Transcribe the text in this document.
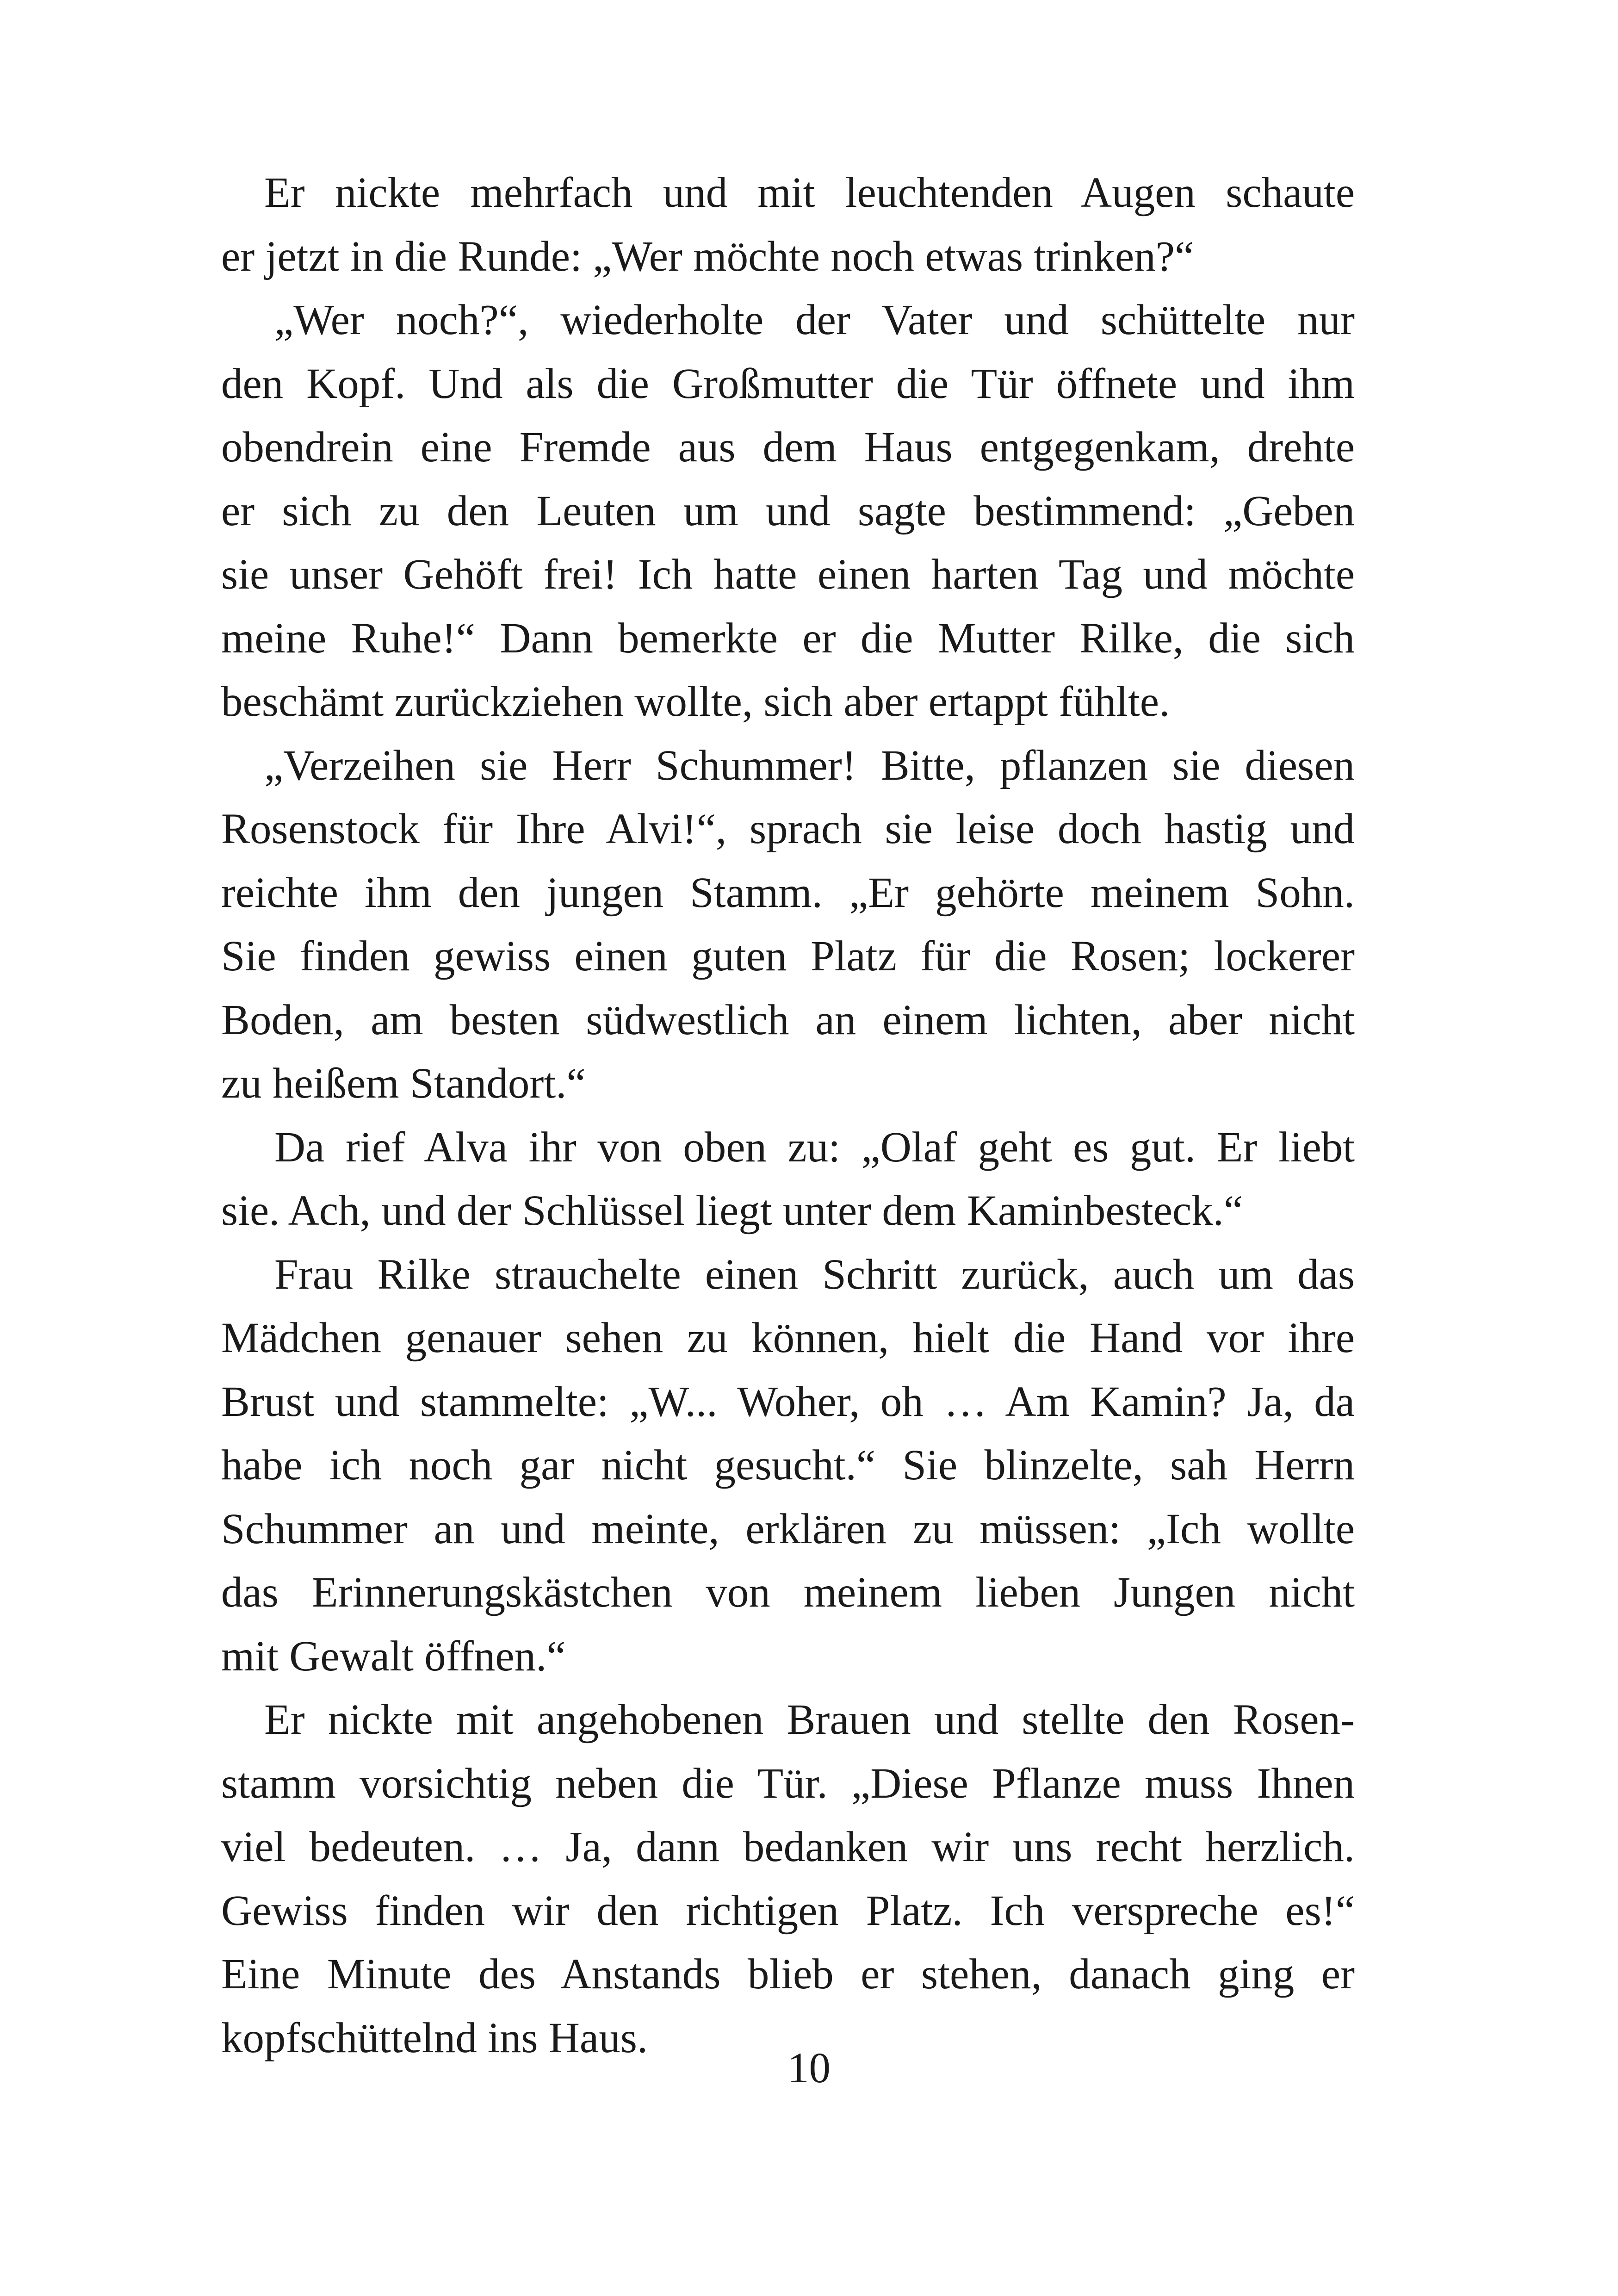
Er nickte mehrfach und mit leuchtenden Augen schaute
er jetzt in die Runde: „Wer möchte noch etwas trinken?“
„Wer noch?“, wiederholte der Vater und schüttelte nur
den Kopf. Und als die Großmutter die Tür öffnete und ihm
obendrein eine Fremde aus dem Haus entgegenkam, drehte
er sich zu den Leuten um und sagte bestimmend: „Geben
sie unser Gehöft frei! Ich hatte einen harten Tag und möchte
meine Ruhe!“ Dann bemerkte er die Mutter Rilke, die sich
beschämt zurückziehen wollte, sich aber ertappt fühlte.
„Verzeihen sie Herr Schummer! Bitte, pflanzen sie diesen
Rosenstock für Ihre Alvi!“, sprach sie leise doch hastig und
reichte ihm den jungen Stamm. „Er gehörte meinem Sohn.
Sie finden gewiss einen guten Platz für die Rosen; lockerer
Boden, am besten südwestlich an einem lichten, aber nicht
zu heißem Standort.“
Da rief Alva ihr von oben zu: „Olaf geht es gut. Er liebt
sie. Ach, und der Schlüssel liegt unter dem Kaminbesteck.“
Frau Rilke strauchelte einen Schritt zurück, auch um das
Mädchen genauer sehen zu können, hielt die Hand vor ihre
Brust und stammelte: „W... Woher, oh … Am Kamin? Ja, da
habe ich noch gar nicht gesucht.“ Sie blinzelte, sah Herrn
Schummer an und meinte, erklären zu müssen: „Ich wollte
das Erinnerungskästchen von meinem lieben Jungen nicht
mit Gewalt öffnen.“
Er nickte mit angehobenen Brauen und stellte den Rosen-
stamm vorsichtig neben die Tür. „Diese Pflanze muss Ihnen
viel bedeuten. … Ja, dann bedanken wir uns recht herzlich.
Gewiss finden wir den richtigen Platz. Ich verspreche es!“
Eine Minute des Anstands blieb er stehen, danach ging er
kopfschüttelnd ins Haus.
10
